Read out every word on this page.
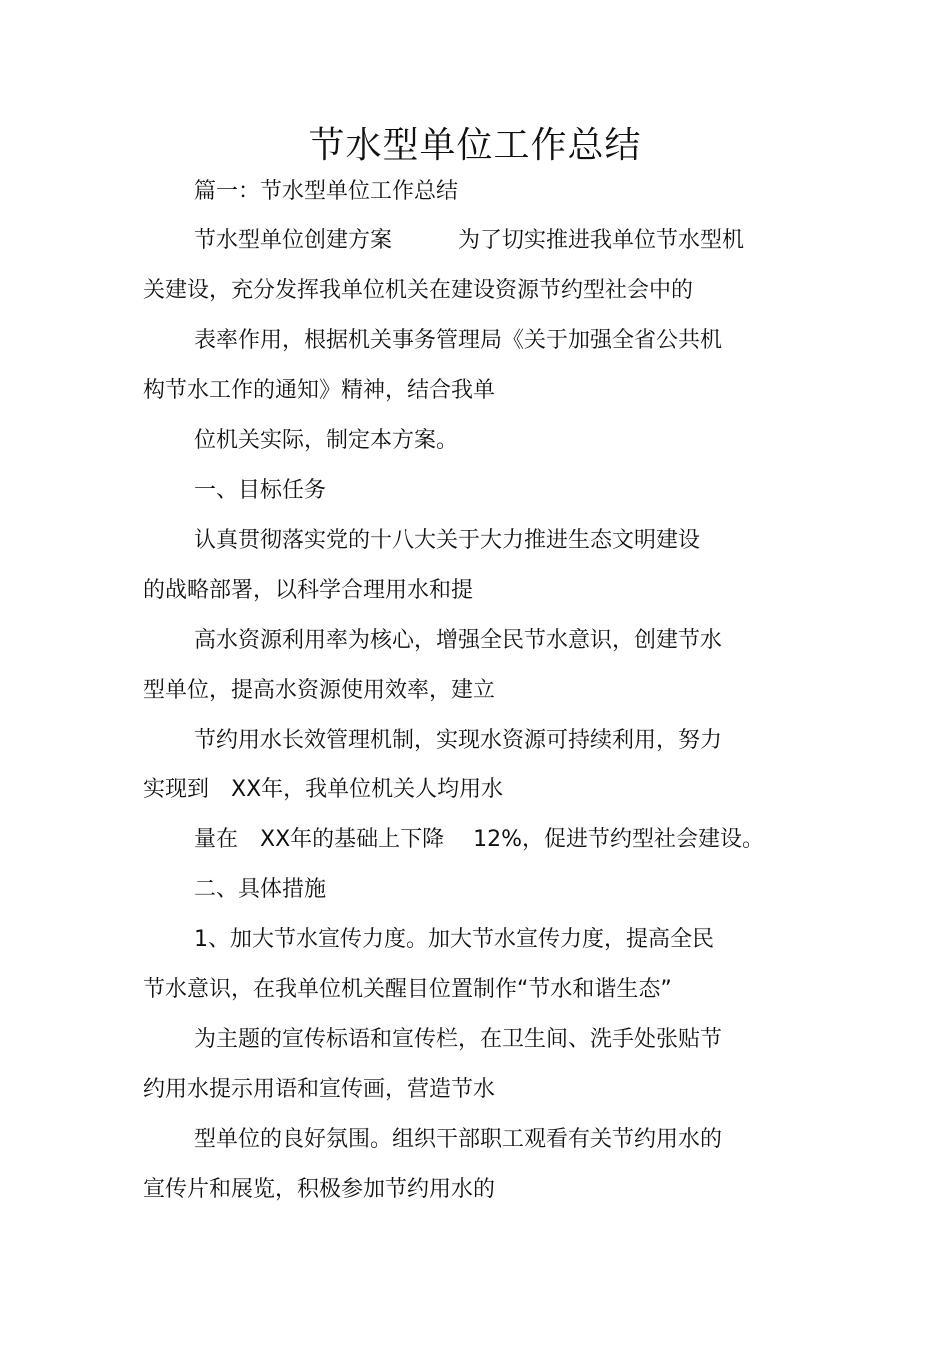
节水型单位工作总结
篇一：节水型单位工作总结
节水型单位创建方案　　　为了切实推进我单位节水型机
关建设，充分发挥我单位机关在建设资源节约型社会中的
表率作用，根据机关事务管理局《关于加强全省公共机
构节水工作的通知》精神，结合我单
位机关实际，制定本方案。
一、目标任务
认真贯彻落实党的十八大关于大力推进生态文明建设
的战略部署，以科学合理用水和提
高水资源利用率为核心，增强全民节水意识，创建节水
型单位，提高水资源使用效率，建立
节约用水长效管理机制，实现水资源可持续利用，努力
实现到　XX年，我单位机关人均用水
量在　XX年的基础上下降　 12%，促进节约型社会建设。
二、具体措施
1、加大节水宣传力度。加大节水宣传力度，提高全民
节水意识，在我单位机关醒目位置制作“节水和谐生态”
为主题的宣传标语和宣传栏，在卫生间、洗手处张贴节
约用水提示用语和宣传画，营造节水
型单位的良好氛围。组织干部职工观看有关节约用水的
宣传片和展览，积极参加节约用水的
